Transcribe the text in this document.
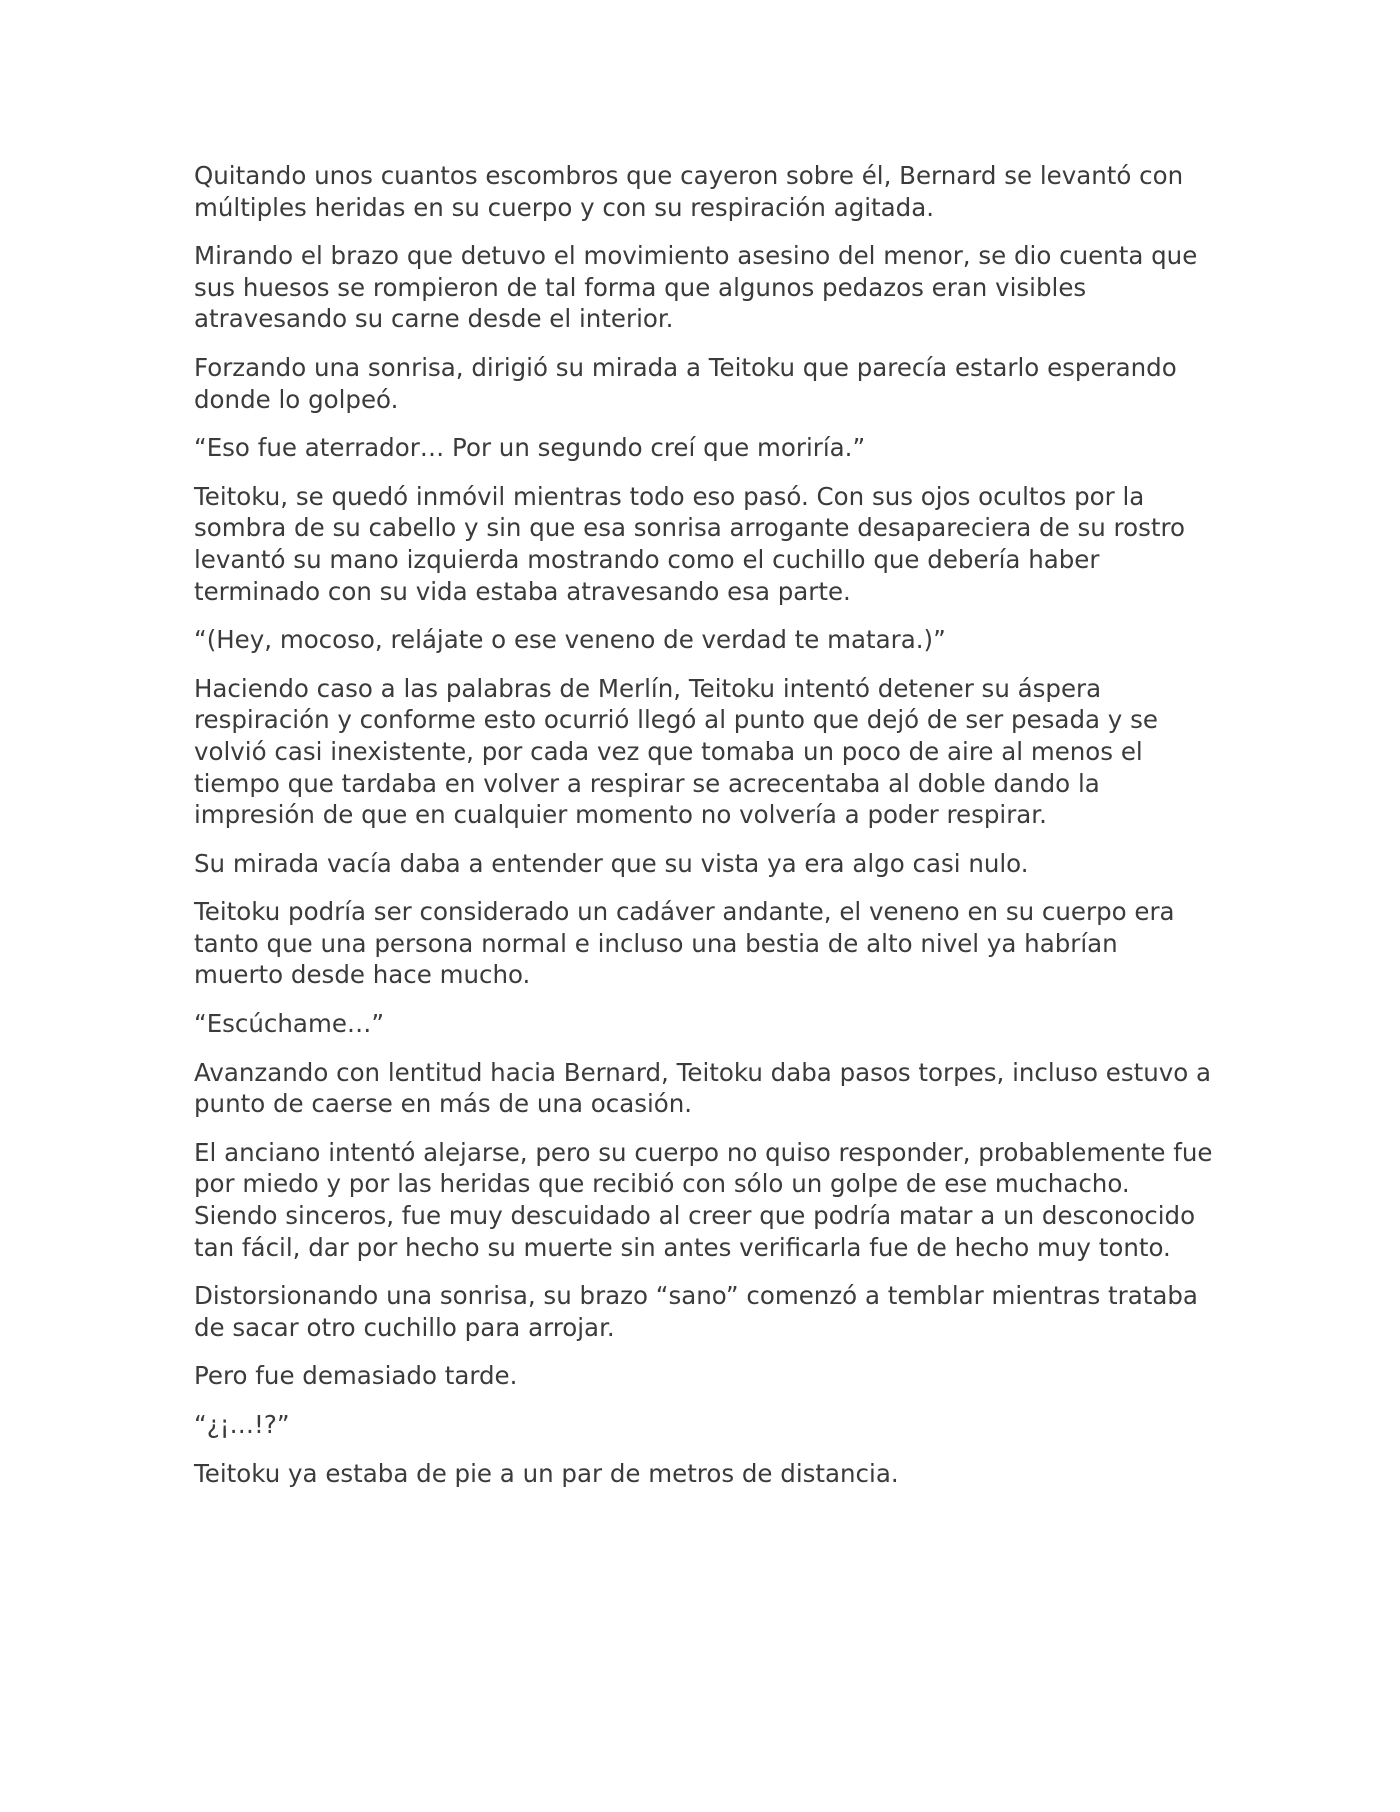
Quitando unos cuantos escombros que cayeron sobre él, Bernard se levantó con múltiples heridas en su cuerpo y con su respiración agitada.

Mirando el brazo que detuvo el movimiento asesino del menor, se dio cuenta que sus huesos se rompieron de tal forma que algunos pedazos eran visibles atravesando su carne desde el interior.

Forzando una sonrisa, dirigió su mirada a Teitoku que parecía estarlo esperando donde lo golpeó.

“Eso fue aterrador… Por un segundo creí que moriría.”

Teitoku, se quedó inmóvil mientras todo eso pasó. Con sus ojos ocultos por la sombra de su cabello y sin que esa sonrisa arrogante desapareciera de su rostro levantó su mano izquierda mostrando como el cuchillo que debería haber terminado con su vida estaba atravesando esa parte.

“(Hey, mocoso, relájate o ese veneno de verdad te matara.)”

Haciendo caso a las palabras de Merlín, Teitoku intentó detener su áspera respiración y conforme esto ocurrió llegó al punto que dejó de ser pesada y se volvió casi inexistente, por cada vez que tomaba un poco de aire al menos el tiempo que tardaba en volver a respirar se acrecentaba al doble dando la impresión de que en cualquier momento no volvería a poder respirar.

Su mirada vacía daba a entender que su vista ya era algo casi nulo.

Teitoku podría ser considerado un cadáver andante, el veneno en su cuerpo era tanto que una persona normal e incluso una bestia de alto nivel ya habrían muerto desde hace mucho.

“Escúchame…”

Avanzando con lentitud hacia Bernard, Teitoku daba pasos torpes, incluso estuvo a punto de caerse en más de una ocasión.

El anciano intentó alejarse, pero su cuerpo no quiso responder, probablemente fue por miedo y por las heridas que recibió con sólo un golpe de ese muchacho. Siendo sinceros, fue muy descuidado al creer que podría matar a un desconocido tan fácil, dar por hecho su muerte sin antes verificarla fue de hecho muy tonto.

Distorsionando una sonrisa, su brazo “sano” comenzó a temblar mientras trataba de sacar otro cuchillo para arrojar.

Pero fue demasiado tarde.

“¿¡…!?”

Teitoku ya estaba de pie a un par de metros de distancia.
